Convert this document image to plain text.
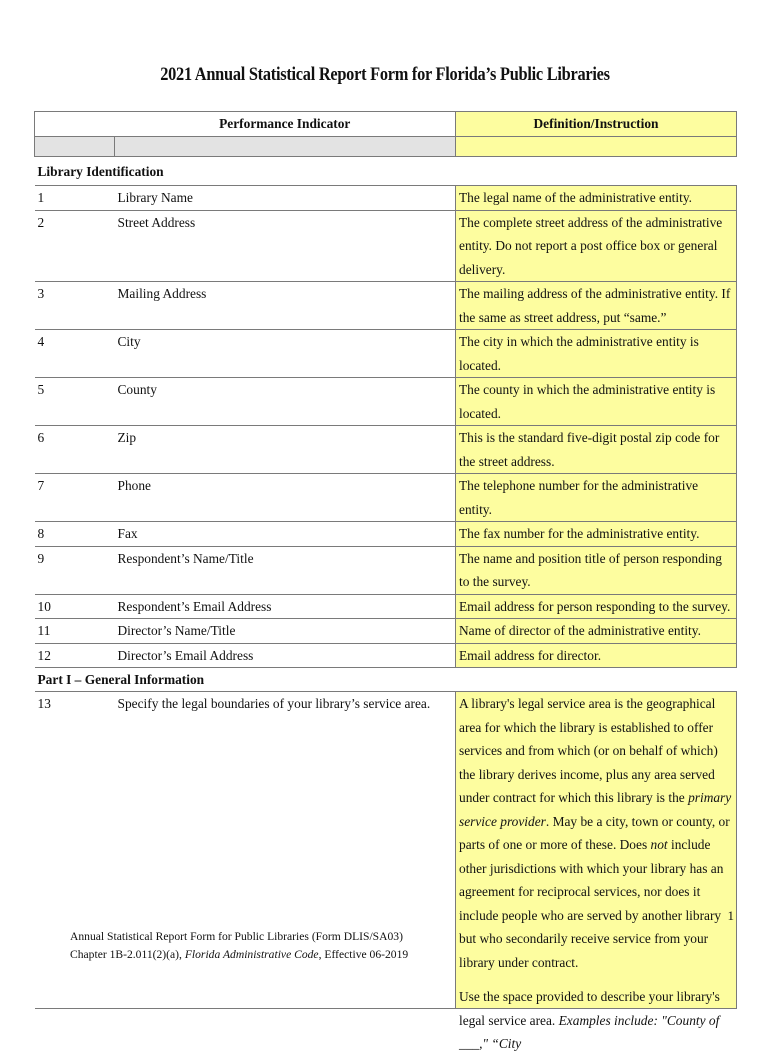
2021 Annual Statistical Report Form for Florida’s Public Libraries
	Performance Indicator	Definition/Instruction

Library Identification		
1	Library Name	The legal name of the administrative entity.
2	Street Address	The complete street address of the administrative entity. Do not report a post office box or general delivery.
3	Mailing Address	The mailing address of the administrative entity. If the same as street address, put “same.”
4	City	The city in which the administrative entity is located.
5	County	The county in which the administrative entity is located.
6	Zip	This is the standard five-digit postal zip code for the street address.
7	Phone	The telephone number for the administrative entity.
8	Fax	The fax number for the administrative entity.
9	Respondent’s Name/Title	The name and position title of person responding to the survey.
10	Respondent’s Email Address	Email address for person responding to the survey.
11	Director’s Name/Title	Name of director of the administrative entity.
12	Director’s Email Address	Email address for director.
Part I – General Information		
13	Specify the legal boundaries of your library’s service area.	A library's legal service area is the geographical area for which the library is established to offer services and from which (or on behalf of which) the library derives income, plus any area served under contract for which this library is the primary service provider. May be a city, town or county, or parts of one or more of these. Does not include other jurisdictions with which your library has an agreement for reciprocal services, nor does it include people who are served by another library but who secondarily receive service from your library under contract.
Use the space provided to describe your library's legal service area. Examples include: "County of ___," “City
1
Annual Statistical Report Form for Public Libraries (Form DLIS/SA03)
Chapter 1B-2.011(2)(a), Florida Administrative Code, Effective 06-2019
